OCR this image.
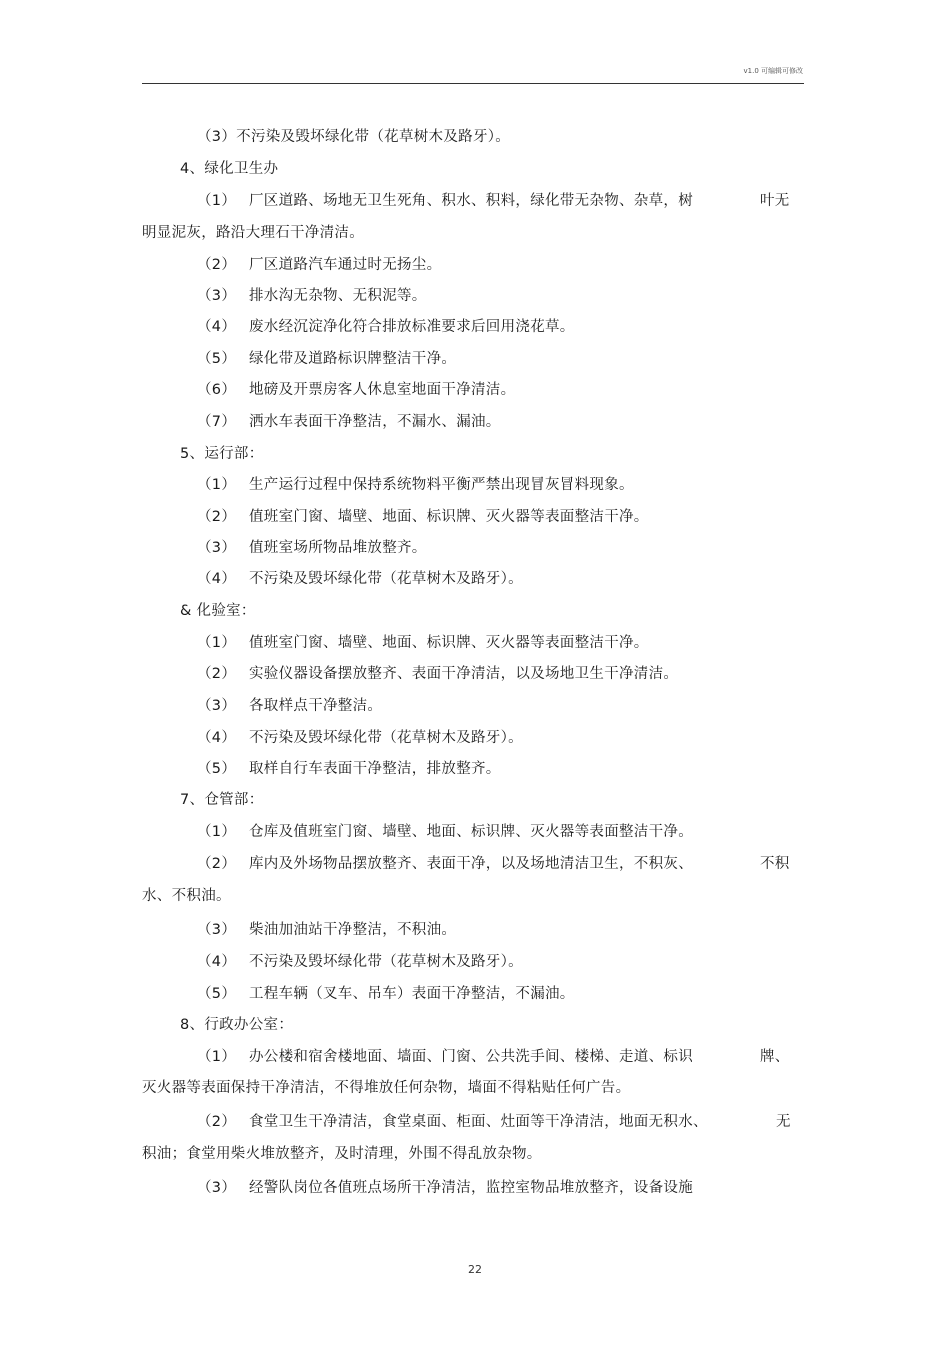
v1.0 可编辑可修改
（3）不污染及毁坏绿化带（花草树木及路牙）。
4、绿化卫生办
（1） 厂区道路、场地无卫生死角、积水、积料，绿化带无杂物、杂草，树	叶无
明显泥灰，路沿大理石干净清洁。
（2） 厂区道路汽车通过时无扬尘。
（3） 排水沟无杂物、无积泥等。
（4） 废水经沉淀净化符合排放标准要求后回用浇花草。
（5） 绿化带及道路标识牌整洁干净。
（6） 地磅及开票房客人休息室地面干净清洁。
（7） 洒水车表面干净整洁，不漏水、漏油。
5、运行部：
（1） 生产运行过程中保持系统物料平衡严禁出现冒灰冒料现象。
（2） 值班室门窗、墙壁、地面、标识牌、灭火器等表面整洁干净。
（3） 值班室场所物品堆放整齐。
（4） 不污染及毁坏绿化带（花草树木及路牙）。
& 化验室：
（1） 值班室门窗、墙壁、地面、标识牌、灭火器等表面整洁干净。
（2） 实验仪器设备摆放整齐、表面干净清洁，以及场地卫生干净清洁。
（3） 各取样点干净整洁。
（4） 不污染及毁坏绿化带（花草树木及路牙）。
（5） 取样自行车表面干净整洁，排放整齐。
7、仓管部：
（1） 仓库及值班室门窗、墙壁、地面、标识牌、灭火器等表面整洁干净。
（2） 库内及外场物品摆放整齐、表面干净，以及场地清洁卫生，不积灰、	不积
水、不积油。
（3） 柴油加油站干净整洁，不积油。
（4） 不污染及毁坏绿化带（花草树木及路牙）。
（5） 工程车辆（叉车、吊车）表面干净整洁，不漏油。
8、行政办公室：
（1） 办公楼和宿舍楼地面、墙面、门窗、公共洗手间、楼梯、走道、标识	牌、
灭火器等表面保持干净清洁，不得堆放任何杂物，墙面不得粘贴任何广告。
（2） 食堂卫生干净清洁，食堂桌面、柜面、灶面等干净清洁，地面无积水、	无
积油；食堂用柴火堆放整齐，及时清理，外围不得乱放杂物。
（3） 经警队岗位各值班点场所干净清洁，监控室物品堆放整齐，设备设施
22
